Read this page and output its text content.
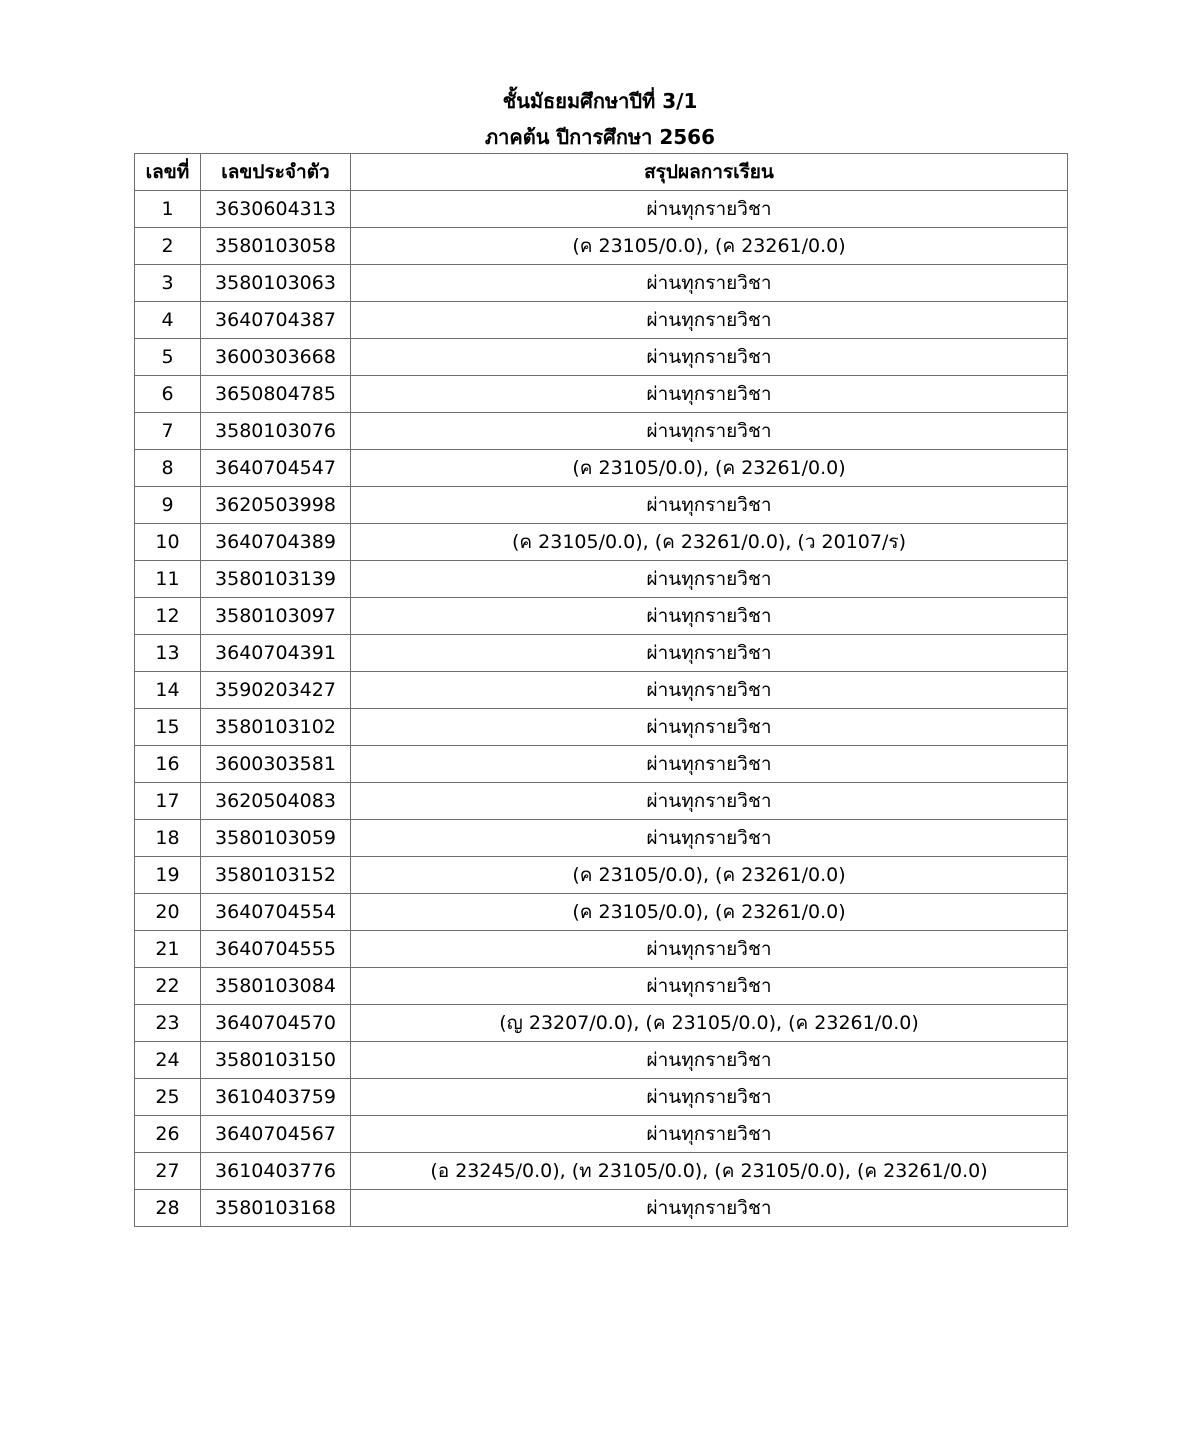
ชั้นมัธยมศึกษาปีที่ 3/1
ภาคต้น ปีการศึกษา 2566
เลขที่	เลขประจำตัว	สรุปผลการเรียน
1	3630604313	ผ่านทุกรายวิชา
2	3580103058	(ค 23105/0.0), (ค 23261/0.0)
3	3580103063	ผ่านทุกรายวิชา
4	3640704387	ผ่านทุกรายวิชา
5	3600303668	ผ่านทุกรายวิชา
6	3650804785	ผ่านทุกรายวิชา
7	3580103076	ผ่านทุกรายวิชา
8	3640704547	(ค 23105/0.0), (ค 23261/0.0)
9	3620503998	ผ่านทุกรายวิชา
10	3640704389	(ค 23105/0.0), (ค 23261/0.0), (ว 20107/ร)
11	3580103139	ผ่านทุกรายวิชา
12	3580103097	ผ่านทุกรายวิชา
13	3640704391	ผ่านทุกรายวิชา
14	3590203427	ผ่านทุกรายวิชา
15	3580103102	ผ่านทุกรายวิชา
16	3600303581	ผ่านทุกรายวิชา
17	3620504083	ผ่านทุกรายวิชา
18	3580103059	ผ่านทุกรายวิชา
19	3580103152	(ค 23105/0.0), (ค 23261/0.0)
20	3640704554	(ค 23105/0.0), (ค 23261/0.0)
21	3640704555	ผ่านทุกรายวิชา
22	3580103084	ผ่านทุกรายวิชา
23	3640704570	(ญ 23207/0.0), (ค 23105/0.0), (ค 23261/0.0)
24	3580103150	ผ่านทุกรายวิชา
25	3610403759	ผ่านทุกรายวิชา
26	3640704567	ผ่านทุกรายวิชา
27	3610403776	(อ 23245/0.0), (ท 23105/0.0), (ค 23105/0.0), (ค 23261/0.0)
28	3580103168	ผ่านทุกรายวิชา
